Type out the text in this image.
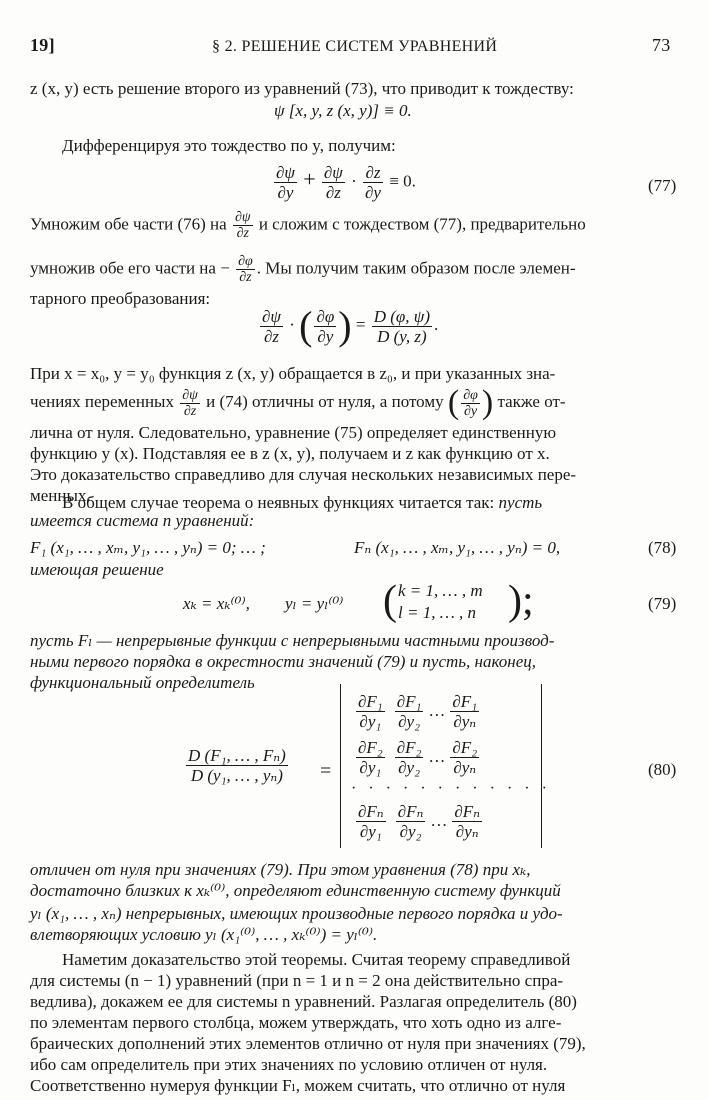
19]	§ 2. РЕШЕНИЕ СИСТЕМ УРАВНЕНИЙ	73
z (x, y) есть решение второго из уравнений (73), что приводит к тождеству:
ψ [x, y, z (x, y)] ≡ 0.
Дифференцируя это тождество по y, получим:
$\frac{\partial\psi}{\partial y} + \frac{\partial\psi}{\partial z} \cdot \frac{\partial z}{\partial y} \equiv 0$.	(77)
Умножим обе части (76) на $\frac{\partial\psi}{\partial z}$ и сложим с тождеством (77), предварительно
умножив обе его части на − $\frac{\partial\varphi}{\partial z}$ . Мы получим таким образом после элемен-
тарного преобразования:
$\frac{\partial\psi}{\partial z}$ · ( $\frac{\partial\varphi}{\partial y}$ ) = $\frac{D (\varphi, \psi)}{D (y, z)}$ .
При x = x₀, y = y₀ функция z (x, y) обращается в z₀, и при указанных зна-
чениях переменных $\frac{\partial\psi}{\partial z}$ и (74) отличны от нуля, а потому ( $\frac{\partial\varphi}{\partial y}$ ) также от-
лична от нуля. Следовательно, уравнение (75) определяет единственную
функцию y (x). Подставляя ее в z (x, y), получаем и z как функцию от x.
Это доказательство справедливо для случая нескольких независимых пере-
менных.
В общем случае теорема о неявных функциях читается так: пусть
имеется система n уравнений:
F₁ (x₁, … , xₘ, y₁, … , yₙ) = 0; … ;	Fₙ (x₁, … , xₘ, y₁, … , yₙ) = 0,	(78)
имеющая решение
xₖ = xₖ⁽⁰⁾, yₗ = yₗ⁽⁰⁾ ( k = 1, … , m
l = 1, … , n );	(79)
пусть Fₗ — непрерывные функции с непрерывными частными производ-
ными первого порядка в окрестности значений (79) и пусть, наконец,
функциональный определитель
$\frac{\text{D (F₁, … , Fₙ)}}{\text{D (y₁, … , yₙ)}}$ =
$\frac{\text{∂F₁}}{\text{∂y₁}} \frac{\text{∂F₁}}{\text{∂y₂}}$ … $\frac{\text{∂F₁}}{\text{∂yₙ}}$
$\frac{\text{∂F₂}}{\text{∂y₁}} \frac{\text{∂F₂}}{\text{∂y₂}}$ … $\frac{\text{∂F₂}}{\text{∂yₙ}}$
· · · · · · · · · · · ·
$\frac{\text{∂Fₙ}}{\text{∂y₁}} \frac{\text{∂Fₙ}}{\text{∂y₂}}$ … $\frac{\text{∂Fₙ}}{\text{∂yₙ}}$
(80)
отличен от нуля при значениях (79). При этом уравнения (78) при xₖ,
достаточно близких к xₖ⁽⁰⁾, определяют единственную систему функций
yₗ (x₁, … , xₙ) непрерывных, имеющих производные первого порядка и удо-
влетворяющих условию yₗ (x₁⁽⁰⁾, … , xₖ⁽⁰⁾) = yₗ⁽⁰⁾.
Наметим доказательство этой теоремы. Считая теорему справедливой
для системы (n − 1) уравнений (при n = 1 и n = 2 она действительно спра-
ведлива), докажем ее для системы n уравнений. Разлагая определитель (80)
по элементам первого столбца, можем утверждать, что хоть одно из алге-
браических дополнений этих элементов отлично от нуля при значениях (79),
ибо сам определитель при этих значениях по условию отличен от нуля.
Соответственно нумеруя функции Fₗ, можем считать, что отлично от нуля
